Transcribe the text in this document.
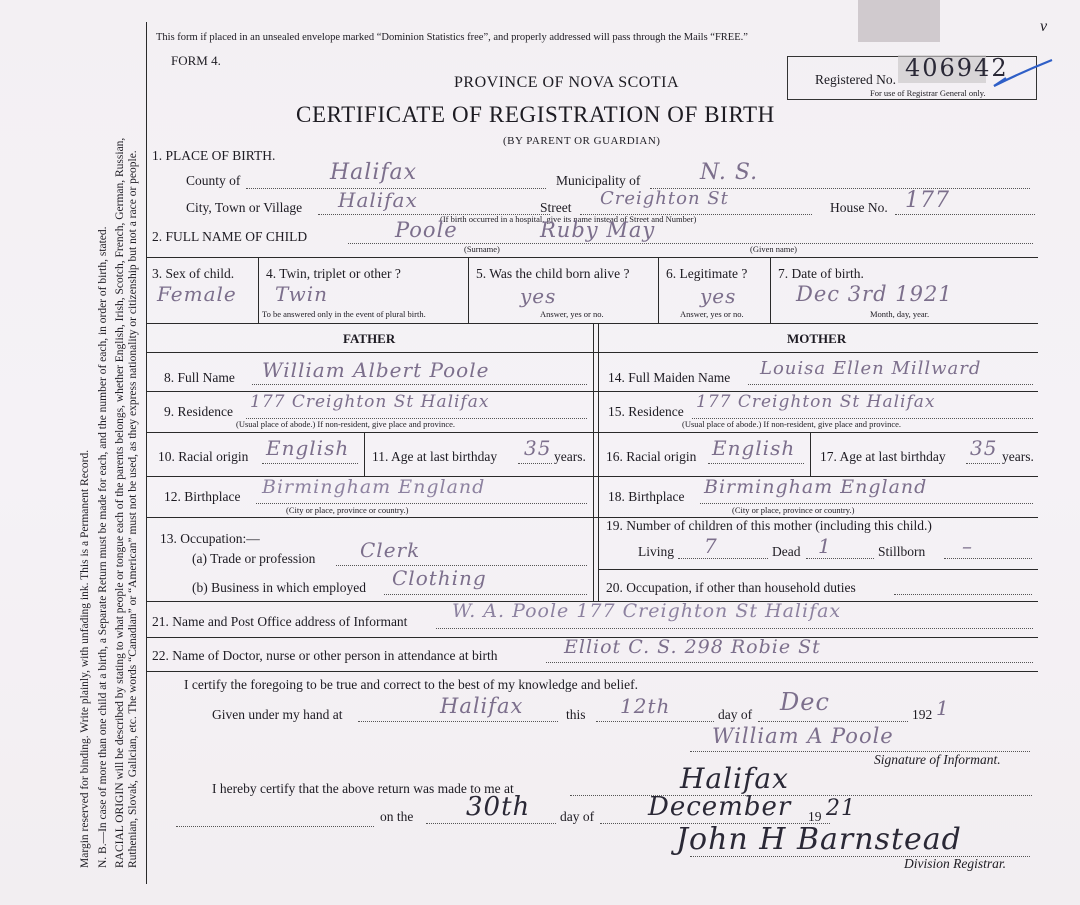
Margin reserved for binding. Write plainly, with unfading ink. This is a Permanent Record. N. B.—In case of more than one child at a birth, a Separate Return must be made for each, and the number of each, in order of birth, stated. RACIAL ORIGIN will be described by stating to what people or tongue each of the parents belongs, whether English, Irish, Scotch, French, German, Russian, Ruthenian, Slovak, Galician, etc. The words “Canadian” or “American” must not be used, as they express nationality or citizenship but not a race or people.
This form if placed in an unsealed envelope marked “Dominion Statistics free”, and properly addressed will pass through the Mails “FREE.”
FORM 4.
PROVINCE OF NOVA SCOTIA
CERTIFICATE OF REGISTRATION OF BIRTH
(BY PARENT OR GUARDIAN)
Registered No. 406942
For use of Registrar General only.
v
1. PLACE OF BIRTH.
County of	Halifax	Municipality of	N. S.
City, Town or Village Halifax	Street Creighton St
(If birth occurred in a hospital, give its name instead of Street and Number)
House No. 177
2. FULL NAME OF CHILD	Poole	Ruby May
(Surname)	(Given name)
3. Sex of child.
Female
4. Twin, triplet or other ?
Twin
To be answered only in the event of plural birth.
5. Was the child born alive ?
yes
Answer, yes or no.
6. Legitimate ?
yes
Answer, yes or no.
7. Date of birth.
Dec 3rd 1921
Month, day, year.
FATHER	MOTHER
8. Full Name William Albert Poole	14. Full Maiden Name Louisa Ellen Millward
9. Residence 177 Creighton St Halifax
(Usual place of abode.) If non-resident, give place and province.
15. Residence 177 Creighton St Halifax
(Usual place of abode.) If non-resident, give place and province.
10. Racial origin English 11. Age at last birthday 35 years. 16. Racial origin English 17. Age at last birthday 35 years.
12. Birthplace Birmingham England
(City or place, province or country.)
18. Birthplace Birmingham England
(City or place, province or country.)
13. Occupation:—
(a) Trade or profession Clerk
(b) Business in which employed Clothing
19. Number of children of this mother (including this child.)
Living 7	Dead 1	Stillborn –
20. Occupation, if other than household duties
21. Name and Post Office address of Informant W. A. Poole 177 Creighton St Halifax
22. Name of Doctor, nurse or other person in attendance at birth	Elliot C. S. 298 Robie St
I certify the foregoing to be true and correct to the best of my knowledge and belief.
Given under my hand at	Halifax	this 12th	day of Dec	192 1
William A Poole
Signature of Informant.
I hereby certify that the above return was made to me at	Halifax
on the 30th day of December 19 21
John H Barnstead
Division Registrar.
